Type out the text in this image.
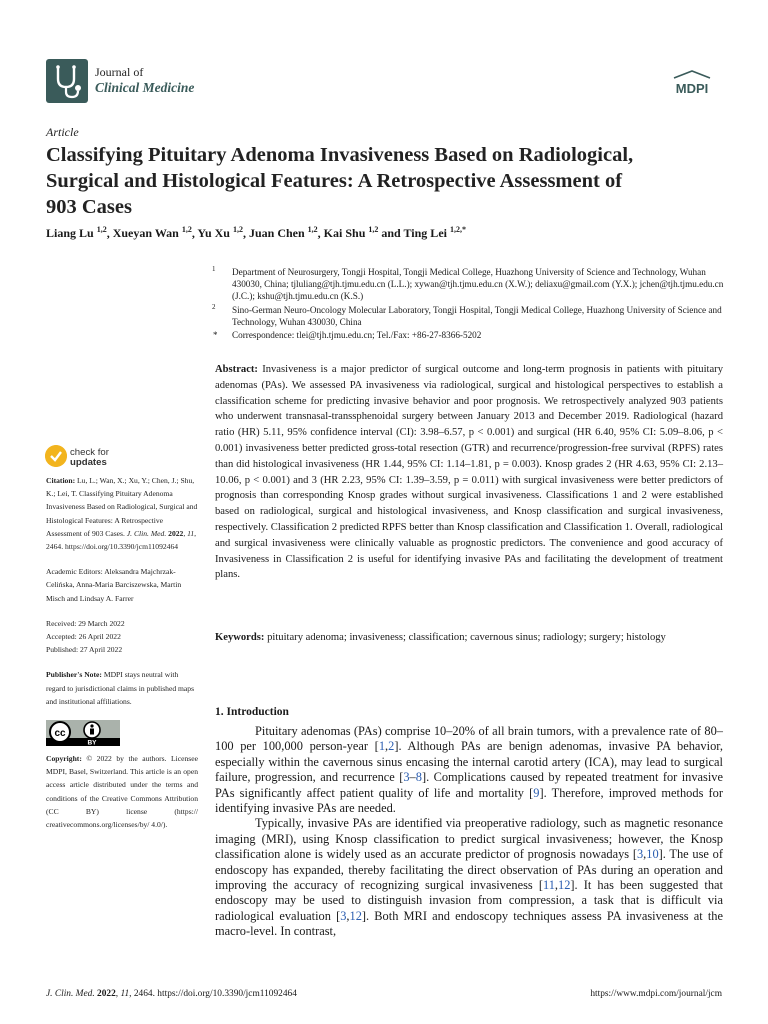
Journal of
Clinical Medicine	MDPI
Article
Classifying Pituitary Adenoma Invasiveness Based on Radiological, Surgical and Histological Features: A Retrospective Assessment of 903 Cases
Liang Lu $^{1,2}$, Xueyan Wan $^{1,2}$, Yu Xu $^{1,2}$, Juan Chen $^{1,2}$, Kai Shu $^{1,2}$ and Ting Lei $^{1,2,*}$
1 Department of Neurosurgery, Tongji Hospital, Tongji Medical College, Huazhong University of Science and Technology, Wuhan 430030, China; tjluliang@tjh.tjmu.edu.cn (L.L.); xywan@tjh.tjmu.edu.cn (X.W.); deliaxu@gmail.com (Y.X.); jchen@tjh.tjmu.edu.cn (J.C.); kshu@tjh.tjmu.edu.cn (K.S.)
2 Sino-German Neuro-Oncology Molecular Laboratory, Tongji Hospital, Tongji Medical College, Huazhong University of Science and Technology, Wuhan 430030, China
* Correspondence: tlei@tjh.tjmu.edu.cn; Tel./Fax: +86-27-8366-5202
Abstract: Invasiveness is a major predictor of surgical outcome and long-term prognosis in patients with pituitary adenomas (PAs). We assessed PA invasiveness via radiological, surgical and histological perspectives to establish a classification scheme for predicting invasive behavior and poor prognosis. We retrospectively analyzed 903 patients who underwent transnasal-transsphenoidal surgery between January 2013 and December 2019. Radiological (hazard ratio (HR) 5.11, 95% confidence interval (CI): 3.98–6.57, p < 0.001) and surgical (HR 6.40, 95% CI: 5.09–8.06, p < 0.001) invasiveness better predicted gross-total resection (GTR) and recurrence/progression-free survival (RPFS) rates than did histological invasiveness (HR 1.44, 95% CI: 1.14–1.81, p = 0.003). Knosp grades 2 (HR 4.63, 95% CI: 2.13–10.06, p < 0.001) and 3 (HR 2.23, 95% CI: 1.39–3.59, p = 0.011) with surgical invasiveness were better predictors of prognosis than corresponding Knosp grades without surgical invasiveness. Classifications 1 and 2 were established based on radiological, surgical and histological invasiveness, and Knosp classification and surgical invasiveness, respectively. Classification 2 predicted RPFS better than Knosp classification and Classification 1. Overall, radiological and surgical invasiveness were clinically valuable as prognostic predictors. The convenience and good accuracy of Invasiveness in Classification 2 is useful for identifying invasive PAs and facilitating the development of treatment plans.
Keywords: pituitary adenoma; invasiveness; classification; cavernous sinus; radiology; surgery; histology
check for
updates
Citation: Lu, L.; Wan, X.; Xu, Y.; Chen, J.; Shu, K.; Lei, T. Classifying Pituitary Adenoma Invasiveness Based on Radiological, Surgical and Histological Features: A Retrospective Assessment of 903 Cases. J. Clin. Med. 2022, 11, 2464. https://doi.org/10.3390/jcm11092464
Academic Editors: Aleksandra Majchrzak-Celińska, Anna-Maria Barciszewska, Martin Misch and Lindsay A. Farrer
Received: 29 March 2022
Accepted: 26 April 2022
Published: 27 April 2022
Publisher's Note: MDPI stays neutral with regard to jurisdictional claims in published maps and institutional affiliations.
cc
BY
Copyright: © 2022 by the authors. Licensee MDPI, Basel, Switzerland. This article is an open access article distributed under the terms and conditions of the Creative Commons Attribution (CC BY) license (https:// creativecommons.org/licenses/by/ 4.0/).
1. Introduction

Pituitary adenomas (PAs) comprise 10–20% of all brain tumors, with a prevalence rate of 80–100 per 100,000 person-year [1,2]. Although PAs are benign adenomas, invasive PA behavior, especially within the cavernous sinus encasing the internal carotid artery (ICA), may lead to surgical failure, progression, and recurrence [3–8]. Complications caused by repeated treatment for invasive PAs significantly affect patient quality of life and mortality [9]. Therefore, improved methods for identifying invasive PAs are needed.

Typically, invasive PAs are identified via preoperative radiology, such as magnetic resonance imaging (MRI), using Knosp classification to predict surgical invasiveness; however, the Knosp classification alone is widely used as an accurate predictor of prognosis nowadays [3,10]. The use of endoscopy has expanded, thereby facilitating the direct observation of PAs during an operation and improving the accuracy of recognizing surgical invasiveness [11,12]. It has been suggested that endoscopy may be used to distinguish invasion from compression, a task that is difficult via radiological evaluation [3,12]. Both MRI and endoscopy techniques assess PA invasiveness at the macro-level. In contrast,

J. Clin. Med. 2022, 11, 2464. https://doi.org/10.3390/jcm11092464	https://www.mdpi.com/journal/jcm
